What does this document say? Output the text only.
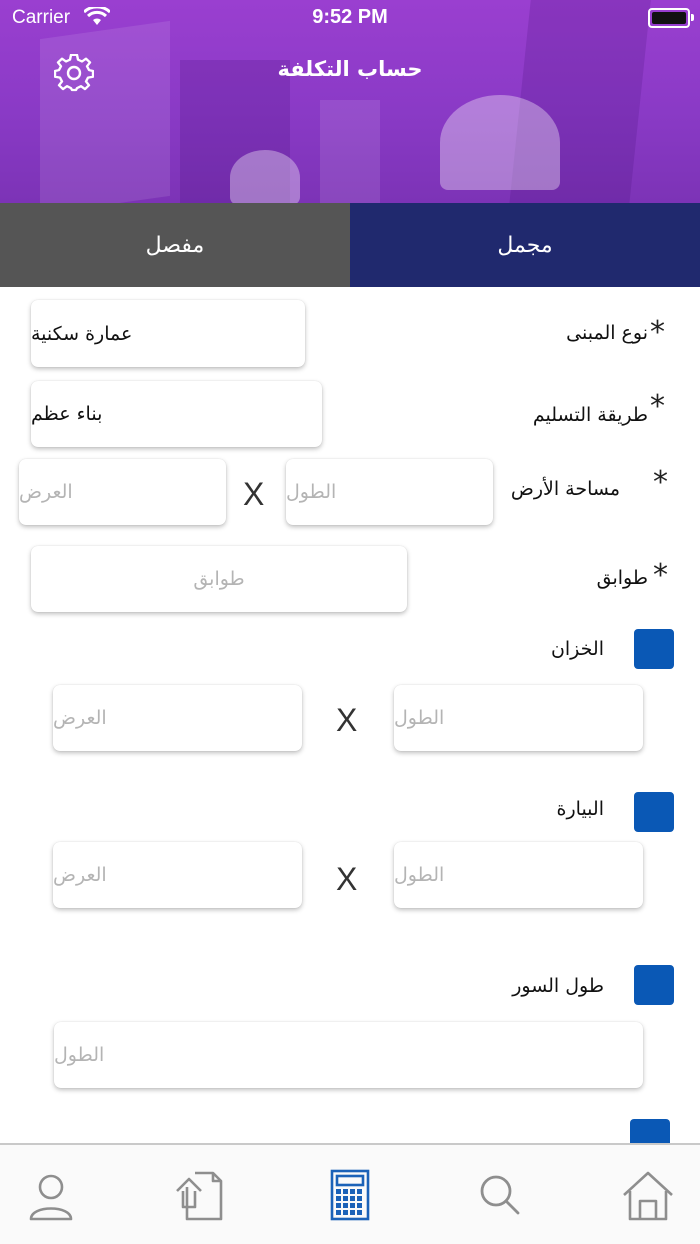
Carrier	9:52 PM
حساب التكلفة
مفصل	مجمل
*
نوع المبنى
عمارة سكنية
*
طريقة التسليم
بناء عظم
*
مساحة الأرض
الطول
X
العرض
*
طوابق
طوابق
الخزان
الطول
X
العرض
البيارة
الطول
X
العرض
طول السور
الطول
